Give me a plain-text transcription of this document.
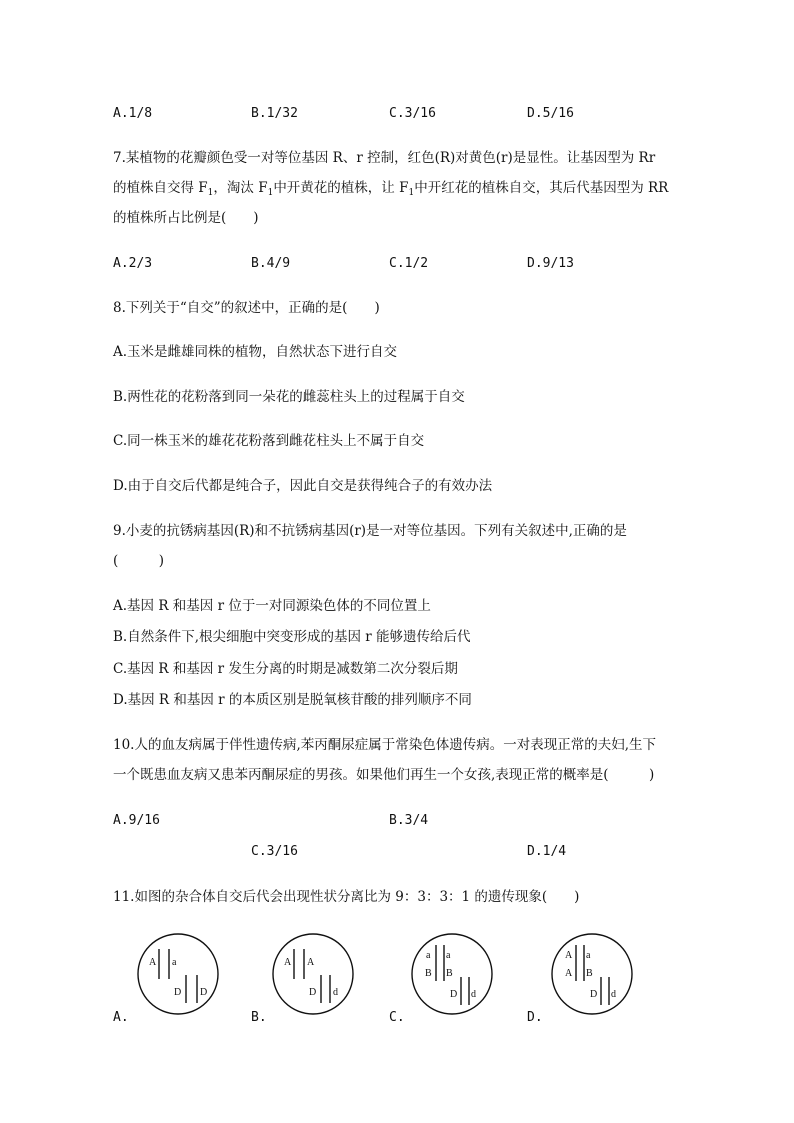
A.1/8	B.1/32	C.3/16	D.5/16
7.某植物的花瓣颜色受一对等位基因 R、r 控制，红色(R)对黄色(r)是显性。让基因型为 Rr
的植株自交得 $F_1$，淘汰 $F_1$中开黄花的植株，让 $F_1$中开红花的植株自交，其后代基因型为 RR
的植株所占比例是(　　)
A.2/3	B.4/9	C.1/2	D.9/13
8.下列关于“自交”的叙述中，正确的是(　　)
A.玉米是雌雄同株的植物，自然状态下进行自交
B.两性花的花粉落到同一朵花的雌蕊柱头上的过程属于自交
C.同一株玉米的雄花花粉落到雌花柱头上不属于自交
D.由于自交后代都是纯合子，因此自交是获得纯合子的有效办法
9.小麦的抗锈病基因(R)和不抗锈病基因(r)是一对等位基因。下列有关叙述中,正确的是
(　　　)
A.基因 R 和基因 r 位于一对同源染色体的不同位置上
B.自然条件下,根尖细胞中突变形成的基因 r 能够遗传给后代
C.基因 R 和基因 r 发生分离的时期是减数第二次分裂后期
D.基因 R 和基因 r 的本质区别是脱氧核苷酸的排列顺序不同
10.人的血友病属于伴性遗传病,苯丙酮尿症属于常染色体遗传病。一对表现正常的夫妇,生下
一个既患血友病又患苯丙酮尿症的男孩。如果他们再生一个女孩,表现正常的概率是(　　　)
A.9/16	B.3/4
C.3/16	D.1/4
11.如图的杂合体自交后代会出现性状分离比为 9：3：3：1 的遗传现象(　　)
A.
A a
D D
B.
A A
D d
C.
a a
B B
D d
D.
A a
A B
D d
